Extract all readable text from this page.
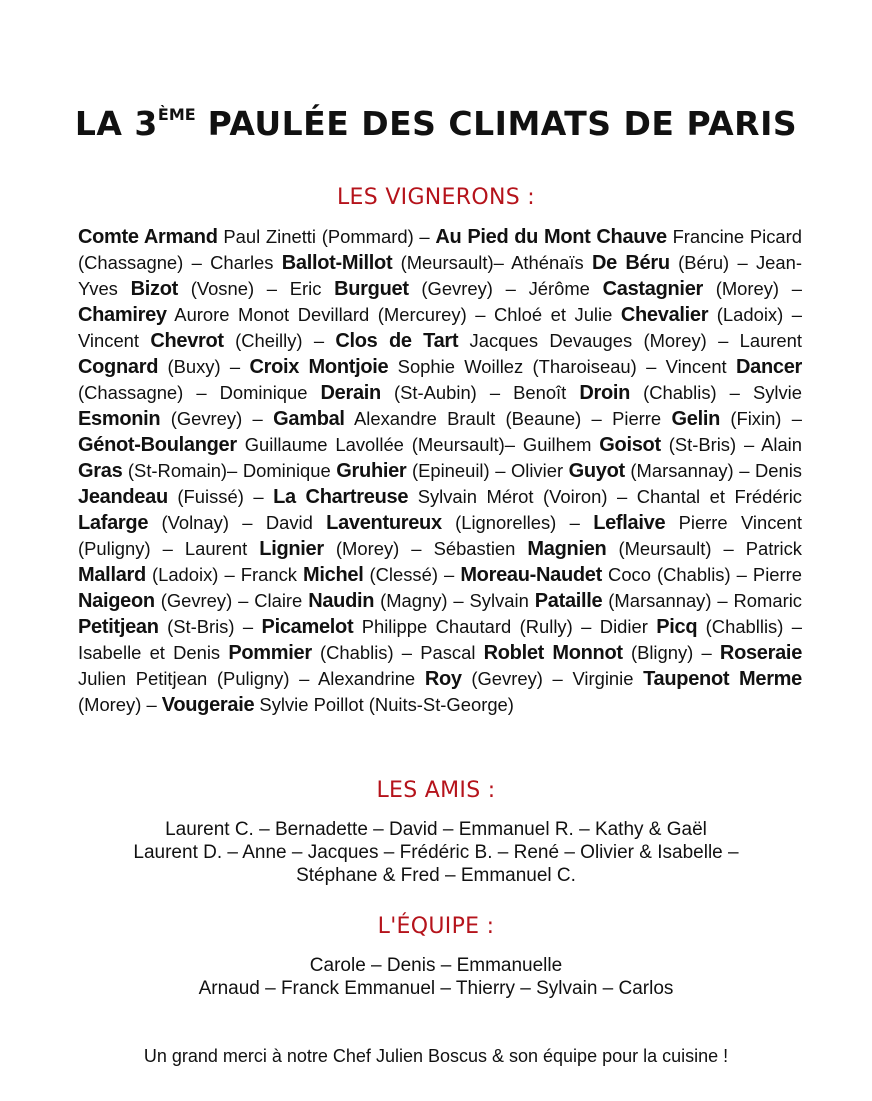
LA 3ÈME PAULÉE DES CLIMATS DE PARIS
LES VIGNERONS :
Comte Armand Paul Zinetti (Pommard) – Au Pied du Mont Chauve Francine Picard (Chassagne) – Charles Ballot-Millot (Meursault)– Athénaïs De Béru (Béru) – Jean-Yves Bizot (Vosne) – Eric Burguet (Gevrey) – Jérôme Castagnier (Morey) – Chamirey Aurore Monot Devillard (Mercurey) – Chloé et Julie Chevalier (Ladoix) – Vincent Chevrot (Cheilly) – Clos de Tart Jacques Devauges (Morey) – Laurent Cognard (Buxy) – Croix Montjoie Sophie Woillez (Tharoiseau) – Vincent Dancer (Chassagne) – Dominique Derain (St-Aubin) – Benoît Droin (Chablis) – Sylvie Esmonin (Gevrey) – Gambal Alexandre Brault (Beaune) – Pierre Gelin (Fixin) – Génot-Boulanger Guillaume Lavollée (Meursault)– Guilhem Goisot (St-Bris) – Alain Gras (St-Romain)– Dominique Gruhier (Epineuil) – Olivier Guyot (Marsannay) – Denis Jeandeau (Fuissé) – La Chartreuse Sylvain Mérot (Voiron) – Chantal et Frédéric Lafarge (Volnay) – David Laventureux (Lignorelles) – Leflaive Pierre Vincent (Puligny) – Laurent Lignier (Morey) – Sébastien Magnien (Meursault) – Patrick Mallard (Ladoix) – Franck Michel (Clessé) – Moreau-Naudet Coco (Chablis) – Pierre Naigeon (Gevrey) – Claire Naudin (Magny) – Sylvain Pataille (Marsannay) – Romaric Petitjean (St-Bris) – Picamelot Philippe Chautard (Rully) – Didier Picq (Chabllis) – Isabelle et Denis Pommier (Chablis) – Pascal Roblet Monnot (Bligny) – Roseraie Julien Petitjean (Puligny) – Alexandrine Roy (Gevrey) – Virginie Taupenot Merme (Morey) – Vougeraie Sylvie Poillot (Nuits-St-George)
LES AMIS :
Laurent C. – Bernadette – David – Emmanuel R. – Kathy & Gaël
Laurent D. – Anne – Jacques – Frédéric B. – René – Olivier & Isabelle –
Stéphane & Fred – Emmanuel C.
L'ÉQUIPE :
Carole – Denis – Emmanuelle
Arnaud – Franck Emmanuel – Thierry – Sylvain – Carlos
Un grand merci à notre Chef Julien Boscus & son équipe pour la cuisine !
